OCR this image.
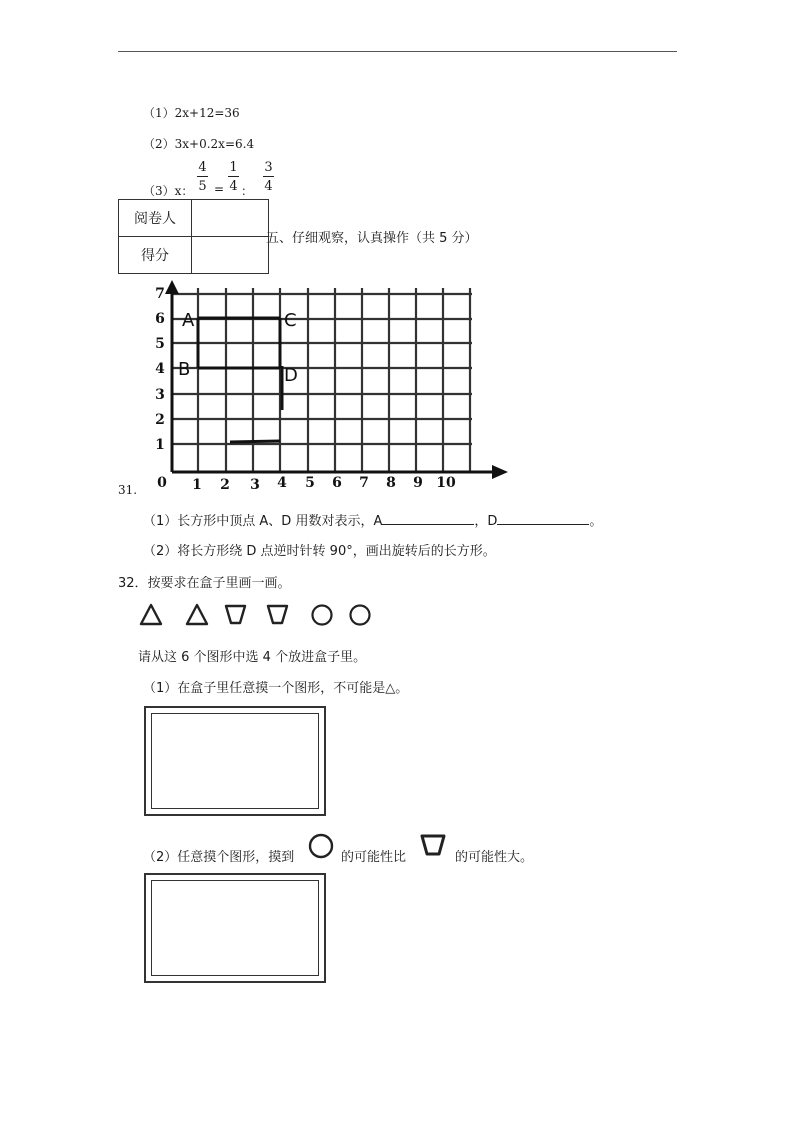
（1）2x+12=36
（2）3x+0.2x=6.4
（3）x：
4
5 =
1
4 ：
3
4
阅卷人	
得分	
五、仔细观察，认真操作（共 5 分）
1
2
3
4
5
6
7
0 1 2 3 4 5 6 7 8 9 10
A
B
C
D
31.
（1）长方形中顶点 A、D 用数对表示，A	，D	。
（2）将长方形绕 D 点逆时针转 90°，画出旋转后的长方形。
32．按要求在盒子里画一画。
请从这 6 个图形中选 4 个放进盒子里。
（1）在盒子里任意摸一个图形，不可能是△。
（2）任意摸个图形，摸到	的可能性比	的可能性大。
